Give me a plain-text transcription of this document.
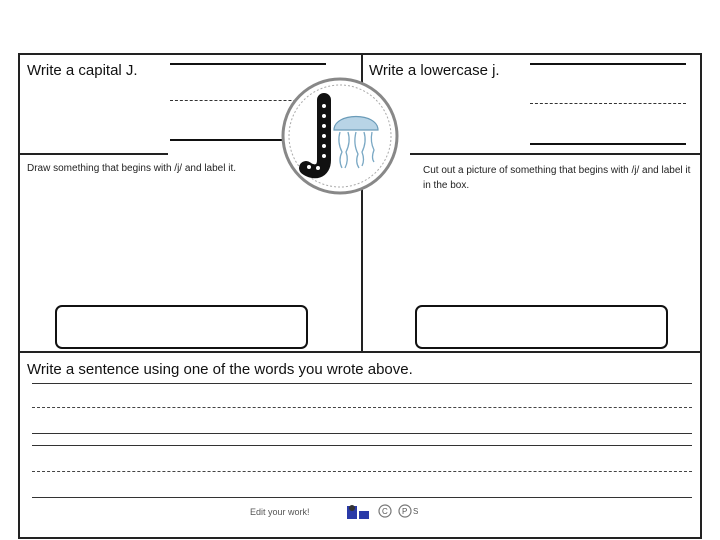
Write a capital J.	Write a lowercase j.
Draw something that begins with /j/ and label it.	Cut out a picture of something that begins with /j/ and label it in the box.
Write a sentence using one of the words you wrote above.
Edit your work!	C P S
